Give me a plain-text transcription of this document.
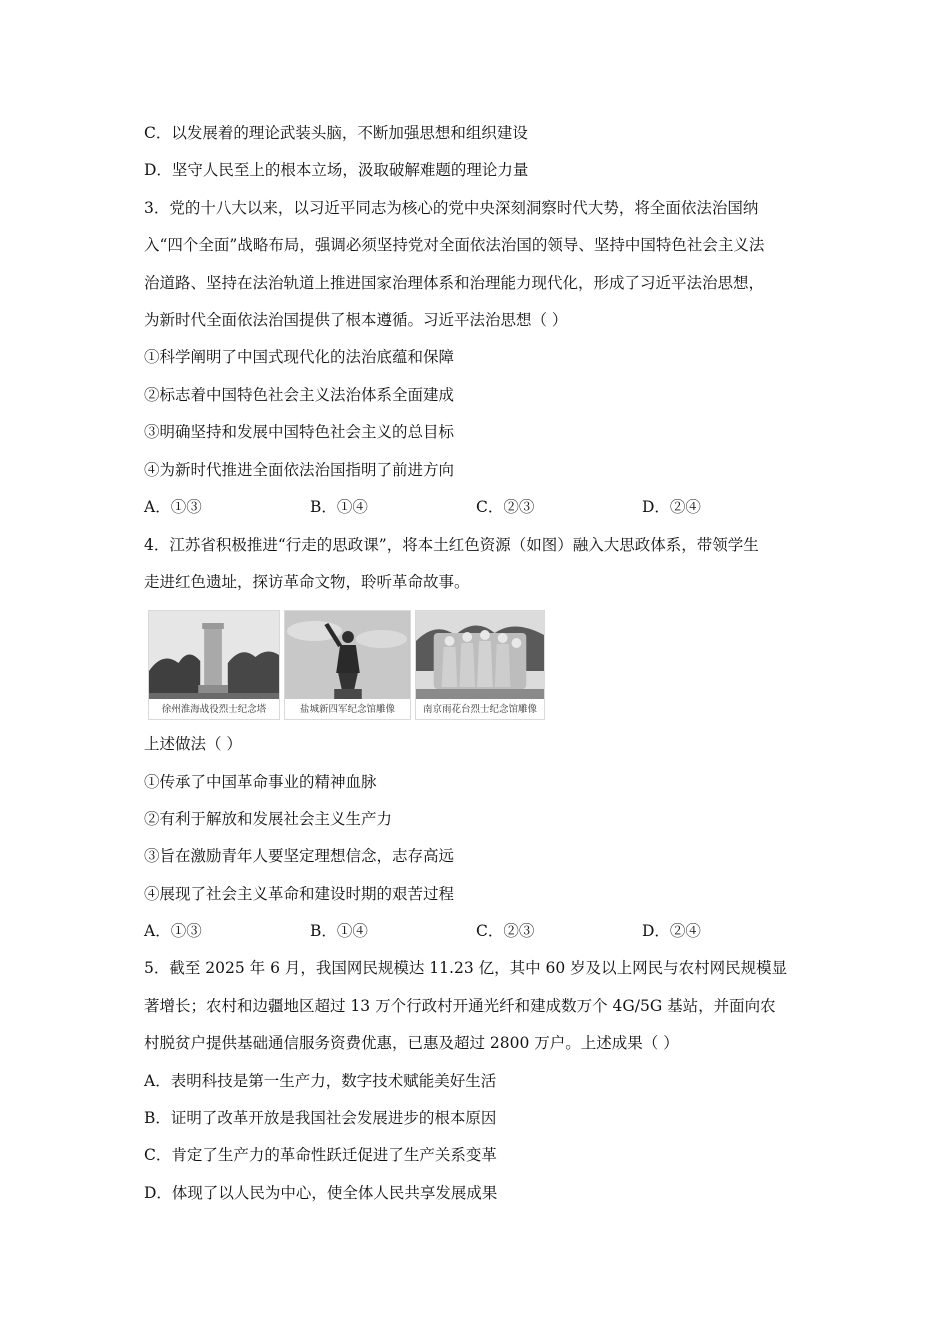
C．以发展着的理论武装头脑，不断加强思想和组织建设
D．坚守人民至上的根本立场，汲取破解难题的理论力量
3．党的十八大以来，以习近平同志为核心的党中央深刻洞察时代大势，将全面依法治国纳
入“四个全面”战略布局，强调必须坚持党对全面依法治国的领导、坚持中国特色社会主义法
治道路、坚持在法治轨道上推进国家治理体系和治理能力现代化，形成了习近平法治思想，
为新时代全面依法治国提供了根本遵循。习近平法治思想（ ）
①科学阐明了中国式现代化的法治底蕴和保障
②标志着中国特色社会主义法治体系全面建成
③明确坚持和发展中国特色社会主义的总目标
④为新时代推进全面依法治国指明了前进方向
A．①③	B．①④	C．②③	D．②④
4．江苏省积极推进“行走的思政课”，将本土红色资源（如图）融入大思政体系，带领学生
走进红色遗址，探访革命文物，聆听革命故事。
徐州淮海战役烈士纪念塔	盐城新四军纪念馆雕像	南京雨花台烈士纪念馆雕像
上述做法（ ）
①传承了中国革命事业的精神血脉
②有利于解放和发展社会主义生产力
③旨在激励青年人要坚定理想信念，志存高远
④展现了社会主义革命和建设时期的艰苦过程
A．①③	B．①④	C．②③	D．②④
5．截至 2025 年 6 月，我国网民规模达 11.23 亿，其中 60 岁及以上网民与农村网民规模显
著增长；农村和边疆地区超过 13 万个行政村开通光纤和建成数万个 4G/5G 基站，并面向农
村脱贫户提供基础通信服务资费优惠，已惠及超过 2800 万户。上述成果（ ）
A．表明科技是第一生产力，数字技术赋能美好生活
B．证明了改革开放是我国社会发展进步的根本原因
C．肯定了生产力的革命性跃迁促进了生产关系变革
D．体现了以人民为中心，使全体人民共享发展成果
